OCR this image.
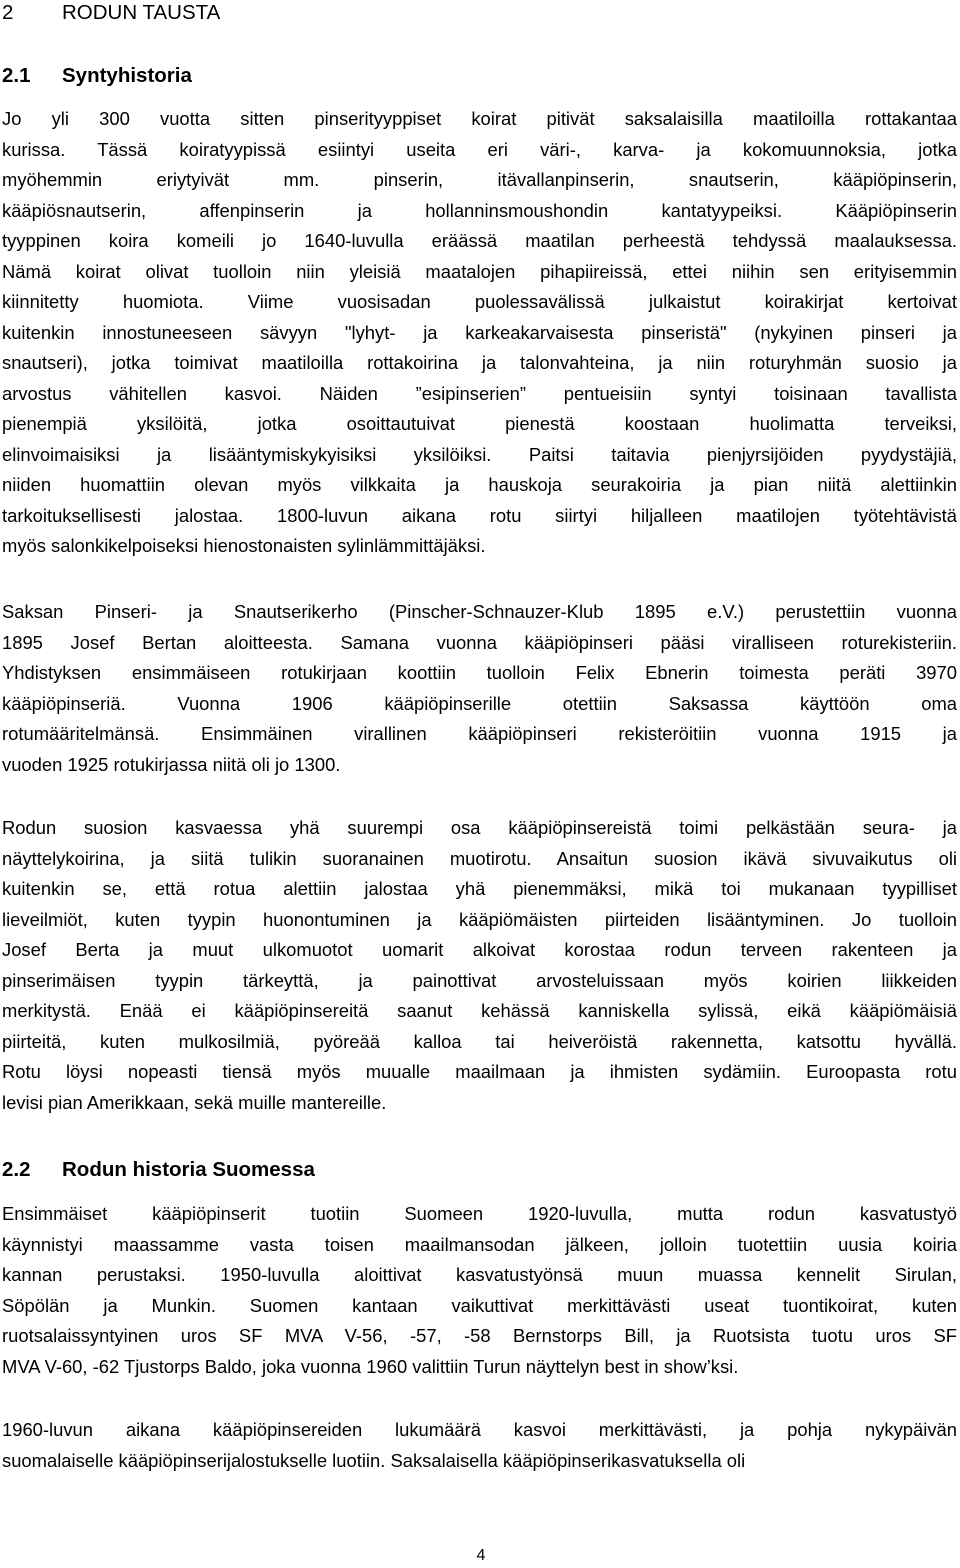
2 RODUN TAUSTA
2.1 Syntyhistoria
Jo yli 300 vuotta sitten pinserityyppiset koirat pitivät saksalaisilla maatiloilla rottakantaa
kurissa. Tässä koiratyypissä esiintyi useita eri väri-, karva- ja kokomuunnoksia, jotka
myöhemmin eriytyivät mm. pinserin, itävallanpinserin, snautserin, kääpiöpinserin,
kääpiösnautserin, affenpinserin ja hollanninsmoushondin kantatyypeiksi. Kääpiöpinserin
tyyppinen koira komeili jo 1640-luvulla eräässä maatilan perheestä tehdyssä maalauksessa.
Nämä koirat olivat tuolloin niin yleisiä maatalojen pihapiireissä, ettei niihin sen erityisemmin
kiinnitetty huomiota. Viime vuosisadan puolessavälissä julkaistut koirakirjat kertoivat
kuitenkin innostuneeseen sävyyn "lyhyt- ja karkeakarvaisesta pinseristä" (nykyinen pinseri ja
snautseri), jotka toimivat maatiloilla rottakoirina ja talonvahteina, ja niin roturyhmän suosio ja
arvostus vähitellen kasvoi. Näiden ”esipinserien” pentueisiin syntyi toisinaan tavallista
pienempiä yksilöitä, jotka osoittautuivat pienestä koostaan huolimatta terveiksi,
elinvoimaisiksi ja lisääntymiskykyisiksi yksilöiksi. Paitsi taitavia pienjyrsijöiden pyydystäjiä,
niiden huomattiin olevan myös vilkkaita ja hauskoja seurakoiria ja pian niitä alettiinkin
tarkoituksellisesti jalostaa. 1800-luvun aikana rotu siirtyi hiljalleen maatilojen työtehtävistä
myös salonkikelpoiseksi hienostonaisten sylinlämmittäjäksi.
Saksan Pinseri- ja Snautserikerho (Pinscher-Schnauzer-Klub 1895 e.V.) perustettiin vuonna
1895 Josef Bertan aloitteesta. Samana vuonna kääpiöpinseri pääsi viralliseen roturekisteriin.
Yhdistyksen ensimmäiseen rotukirjaan koottiin tuolloin Felix Ebnerin toimesta peräti 3970
kääpiöpinseriä. Vuonna 1906 kääpiöpinserille otettiin Saksassa käyttöön oma
rotumääritelmänsä. Ensimmäinen virallinen kääpiöpinseri rekisteröitiin vuonna 1915 ja
vuoden 1925 rotukirjassa niitä oli jo 1300.
Rodun suosion kasvaessa yhä suurempi osa kääpiöpinsereistä toimi pelkästään seura- ja
näyttelykoirina, ja siitä tulikin suoranainen muotirotu. Ansaitun suosion ikävä sivuvaikutus oli
kuitenkin se, että rotua alettiin jalostaa yhä pienemmäksi, mikä toi mukanaan tyypilliset
lieveilmiöt, kuten tyypin huonontuminen ja kääpiömäisten piirteiden lisääntyminen. Jo tuolloin
Josef Berta ja muut ulkomuotot uomarit alkoivat korostaa rodun terveen rakenteen ja
pinserimäisen tyypin tärkeyttä, ja painottivat arvosteluissaan myös koirien liikkeiden
merkitystä. Enää ei kääpiöpinsereitä saanut kehässä kanniskella sylissä, eikä kääpiömäisiä
piirteitä, kuten mulkosilmiä, pyöreää kalloa tai heiveröistä rakennetta, katsottu hyvällä.
Rotu löysi nopeasti tiensä myös muualle maailmaan ja ihmisten sydämiin. Euroopasta rotu
levisi pian Amerikkaan, sekä muille mantereille.
2.2 Rodun historia Suomessa
Ensimmäiset kääpiöpinserit tuotiin Suomeen 1920-luvulla, mutta rodun kasvatustyö
käynnistyi maassamme vasta toisen maailmansodan jälkeen, jolloin tuotettiin uusia koiria
kannan perustaksi. 1950-luvulla aloittivat kasvatustyönsä muun muassa kennelit Sirulan,
Söpölän ja Munkin. Suomen kantaan vaikuttivat merkittävästi useat tuontikoirat, kuten
ruotsalaissyntyinen uros SF MVA V-56, -57, -58 Bernstorps Bill, ja Ruotsista tuotu uros SF
MVA V-60, -62 Tjustorps Baldo, joka vuonna 1960 valittiin Turun näyttelyn best in show’ksi.
1960-luvun aikana kääpiöpinsereiden lukumäärä kasvoi merkittävästi, ja pohja nykypäivän
suomalaiselle kääpiöpinserijalostukselle luotiin. Saksalaisella kääpiöpinserikasvatuksella oli
4
